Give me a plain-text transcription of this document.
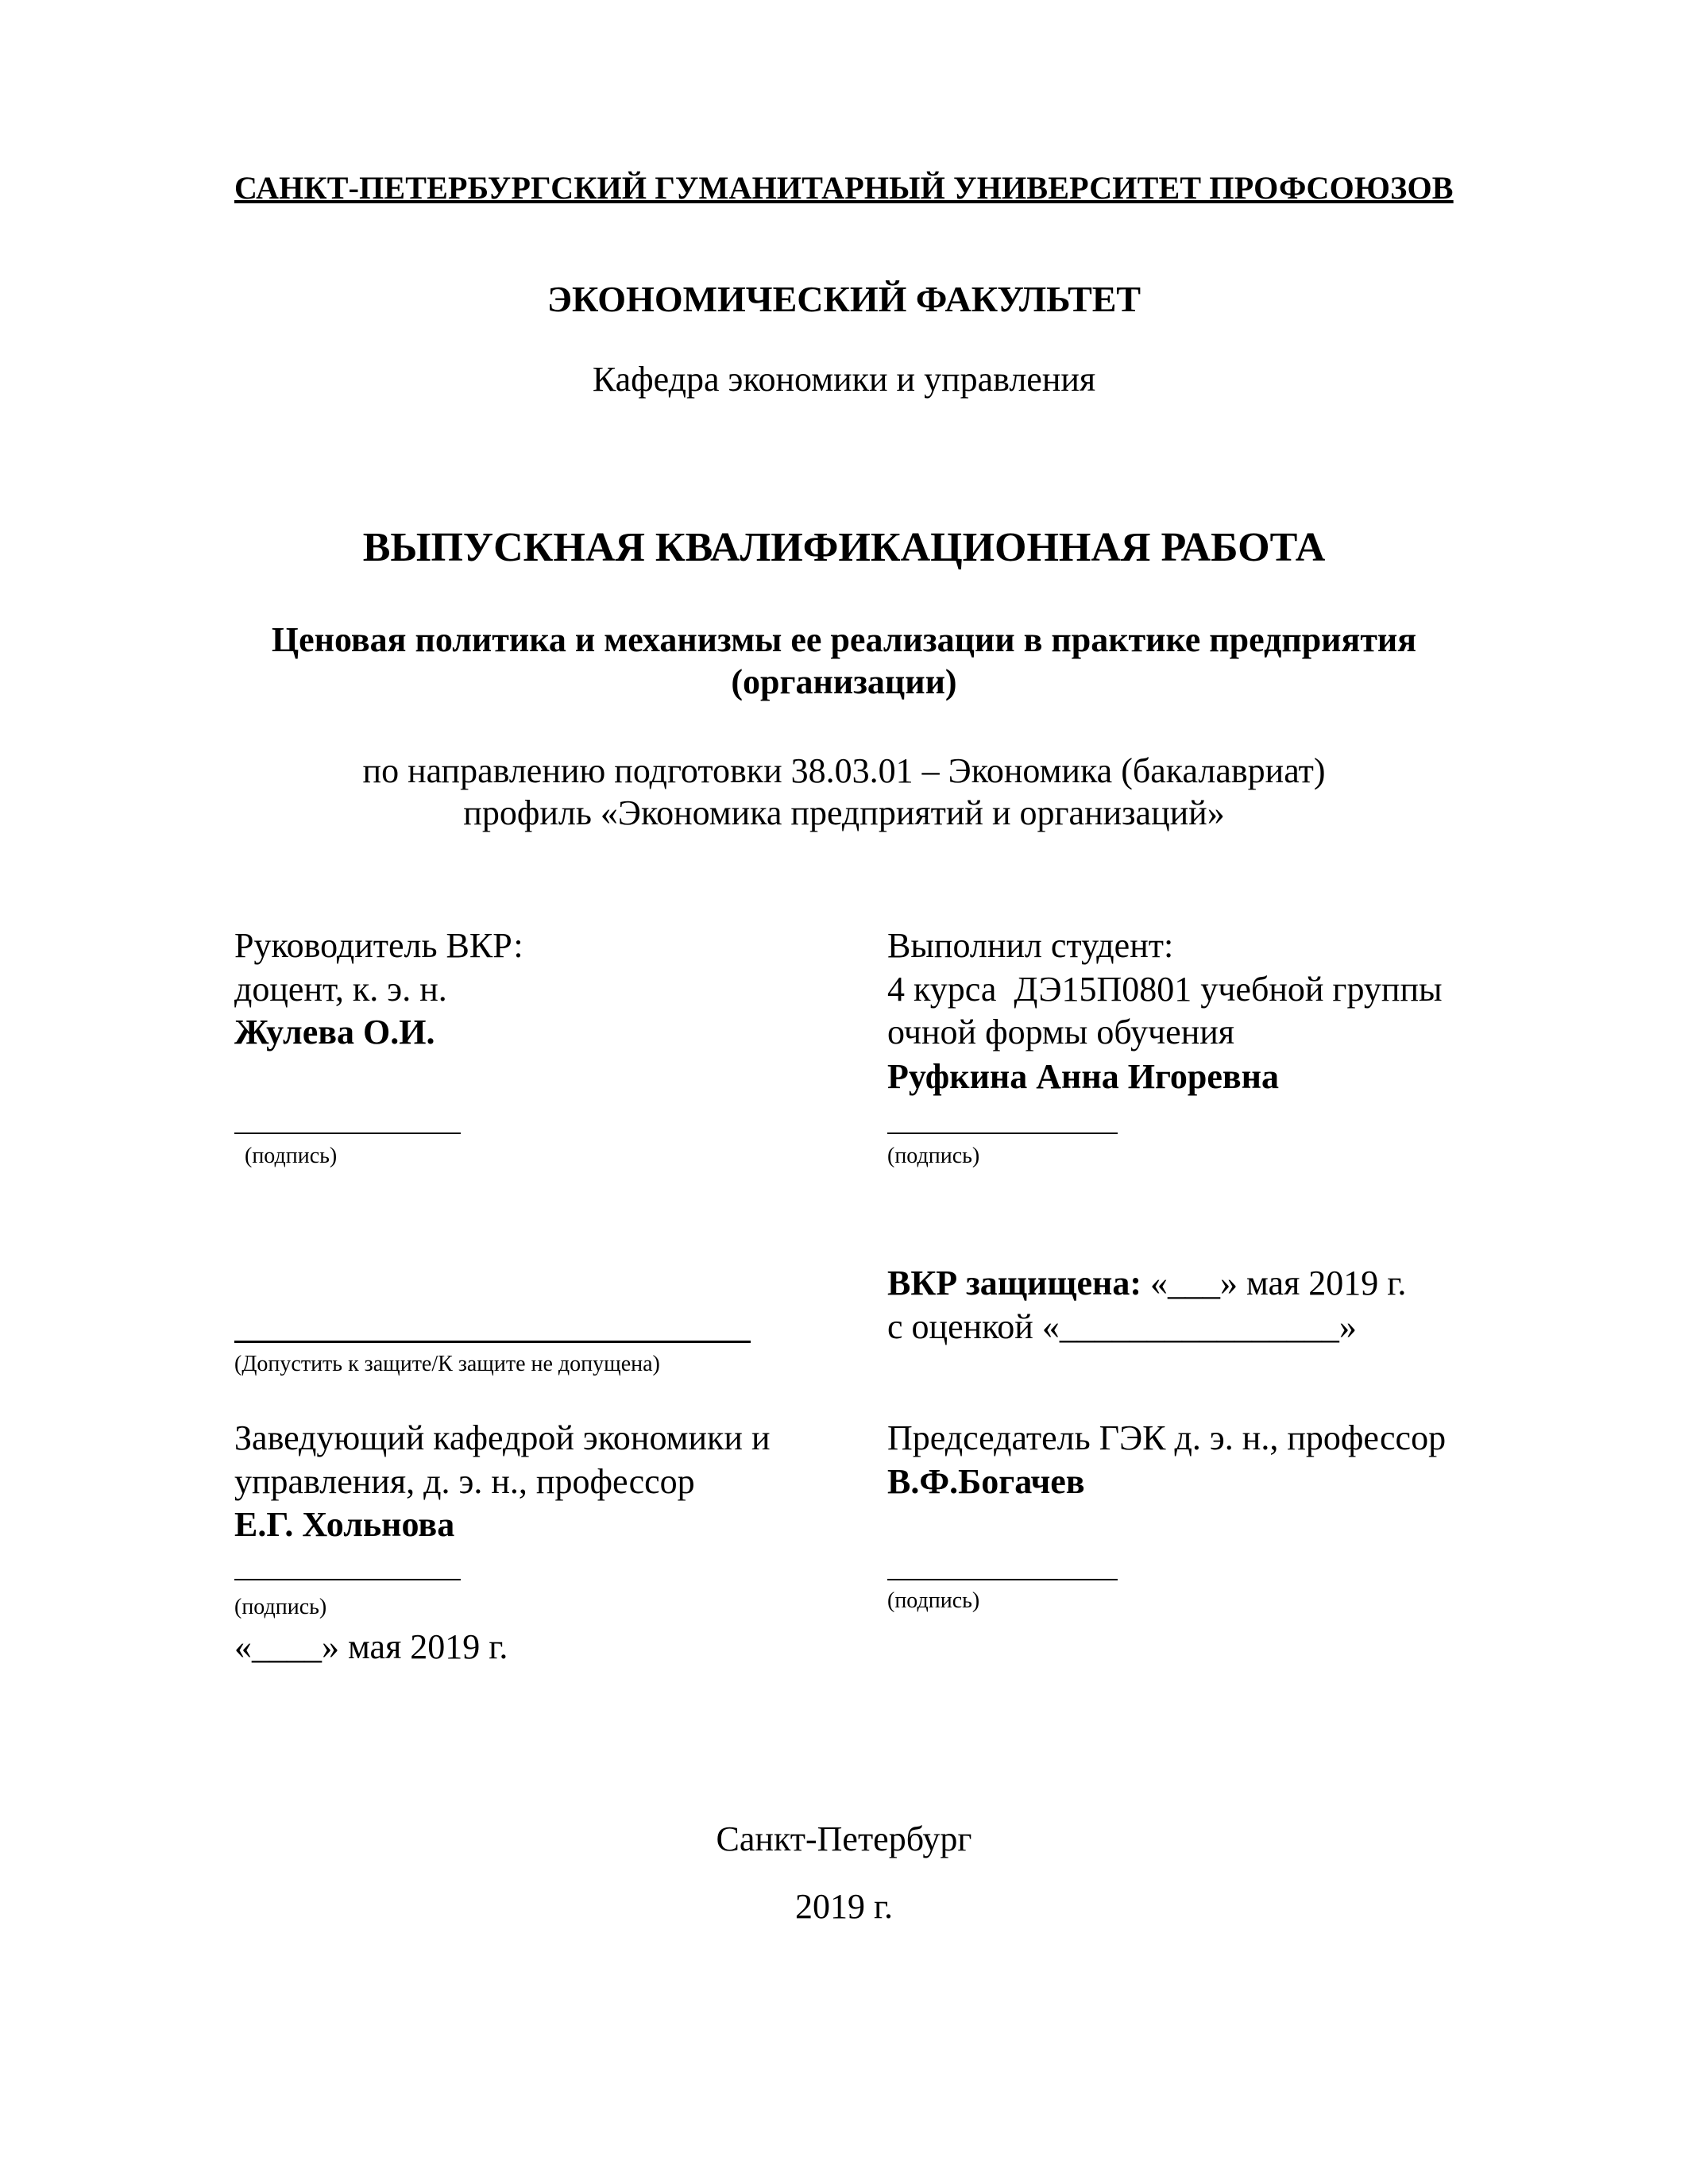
САНКТ-ПЕТЕРБУРГСКИЙ ГУМАНИТАРНЫЙ УНИВЕРСИТЕТ ПРОФСОЮЗОВ
ЭКОНОМИЧЕСКИЙ ФАКУЛЬТЕТ
Кафедра экономики и управления
ВЫПУСКНАЯ КВАЛИФИКАЦИОННАЯ РАБОТА
Ценовая политика и механизмы ее реализации в практике предприятия
(организации)
по направлению подготовки 38.03.01 – Экономика (бакалавриат)
профиль «Экономика предприятий и организаций»
Руководитель ВКР:
доцент, к. э. н.
Жулева О.И.
(подпись)
Выполнил студент:
4 курса ДЭ15П0801 учебной группы
очной формы обучения
Руфкина Анна Игоревна
(подпись)
(Допустить к защите/К защите не допущена)
ВКР защищена: «___» мая 2019 г.
с оценкой «________________»
Заведующий кафедрой экономики и
управления, д. э. н., профессор
Е.Г. Хольнова
(подпись)
«____» мая 2019 г.
Председатель ГЭК д. э. н., профессор
В.Ф.Богачев
(подпись)
Санкт-Петербург
2019 г.
